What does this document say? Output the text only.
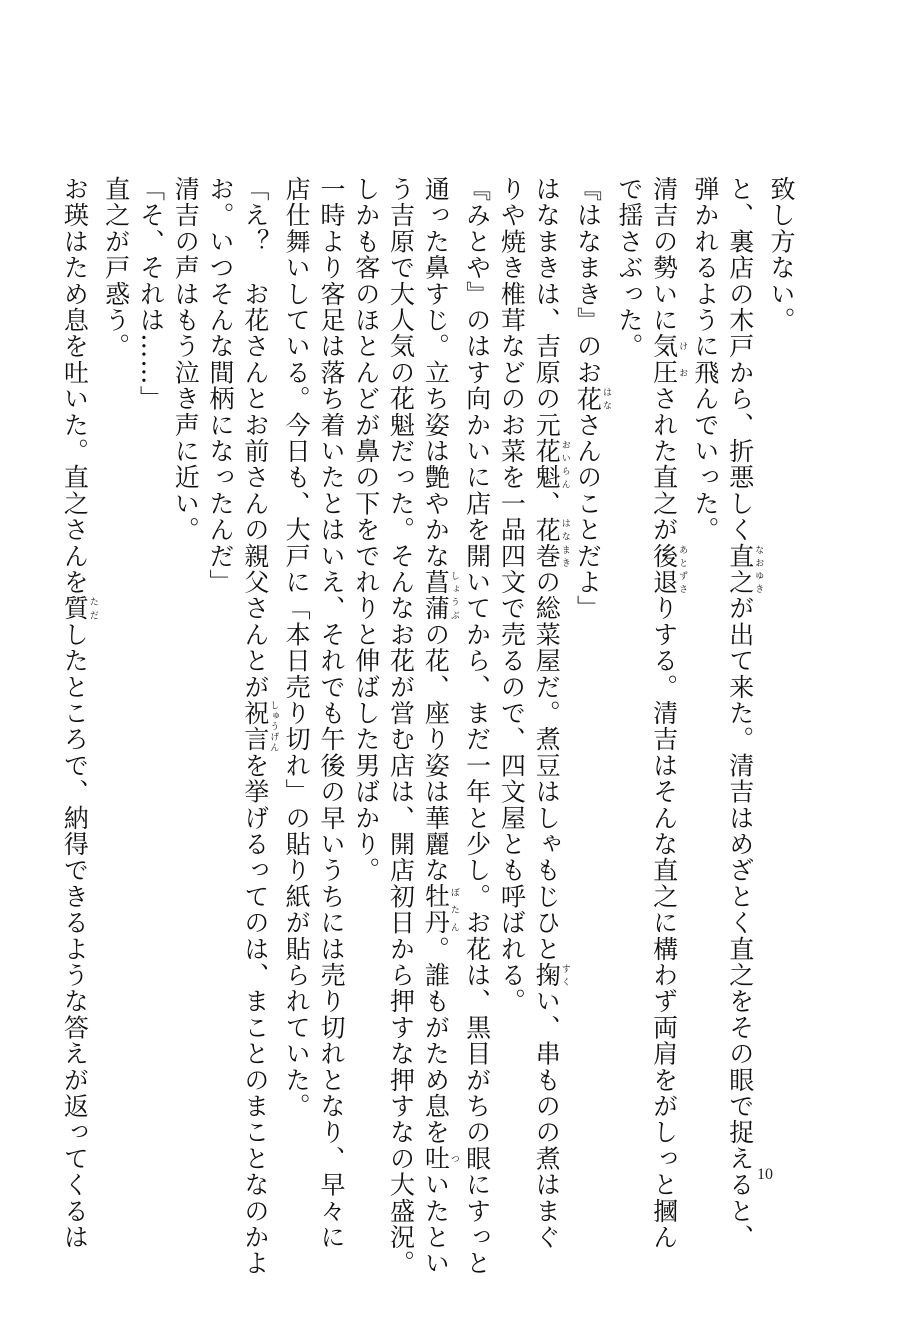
致し方ない。
と、裏店の木戸から、折悪しく直之なおゆきが出て来た。清吉はめざとく直之をその眼で捉えると、
弾かれるように飛んでいった。
清吉の勢いに気圧けおされた直之が後退あとずさりする。清吉はそんな直之に構わず両肩をがしっと摑ん
で揺さぶった。
『はなまき』のお花はなさんのことだよ」
はなまきは、吉原の元花魁おいらん、花巻はなまきの総菜屋だ。煮豆はしゃもじひと掬すくい、串ものの煮はまぐ
りや焼き椎茸などのお菜を一品四文で売るので、四文屋とも呼ばれる。
『みとや』のはす向かいに店を開いてから、まだ一年と少し。お花は、黒目がちの眼にすっと
通った鼻すじ。立ち姿は艶やかな菖蒲しょうぶの花、座り姿は華麗な牡丹ぼたん。誰もがため息を吐ついたとい
う吉原で大人気の花魁だった。そんなお花が営む店は、開店初日から押すな押すなの大盛況。
しかも客のほとんどが鼻の下をでれりと伸ばした男ばかり。
一時より客足は落ち着いたとはいえ、それでも午後の早いうちには売り切れとなり、早々に
店仕舞いしている。今日も、大戸に「本日売り切れ」の貼り紙が貼られていた。
「え？　お花さんとお前さんの親父さんとが祝言しゅうげんを挙げるってのは、まことのまことなのかよ
お。いつそんな間柄になったんだ」
清吉の声はもう泣き声に近い。
「そ、それは……」
直之が戸惑う。
お瑛はため息を吐いた。直之さんを質ただしたところで、納得できるような答えが返ってくるは	10
